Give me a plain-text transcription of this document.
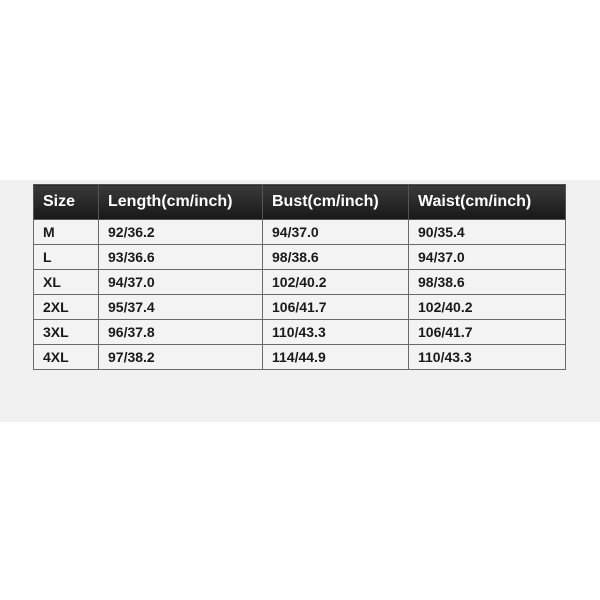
Size	Length(cm/inch)	Bust(cm/inch)	Waist(cm/inch)
M	92/36.2	94/37.0	90/35.4
L	93/36.6	98/38.6	94/37.0
XL	94/37.0	102/40.2	98/38.6
2XL	95/37.4	106/41.7	102/40.2
3XL	96/37.8	110/43.3	106/41.7
4XL	97/38.2	114/44.9	110/43.3
